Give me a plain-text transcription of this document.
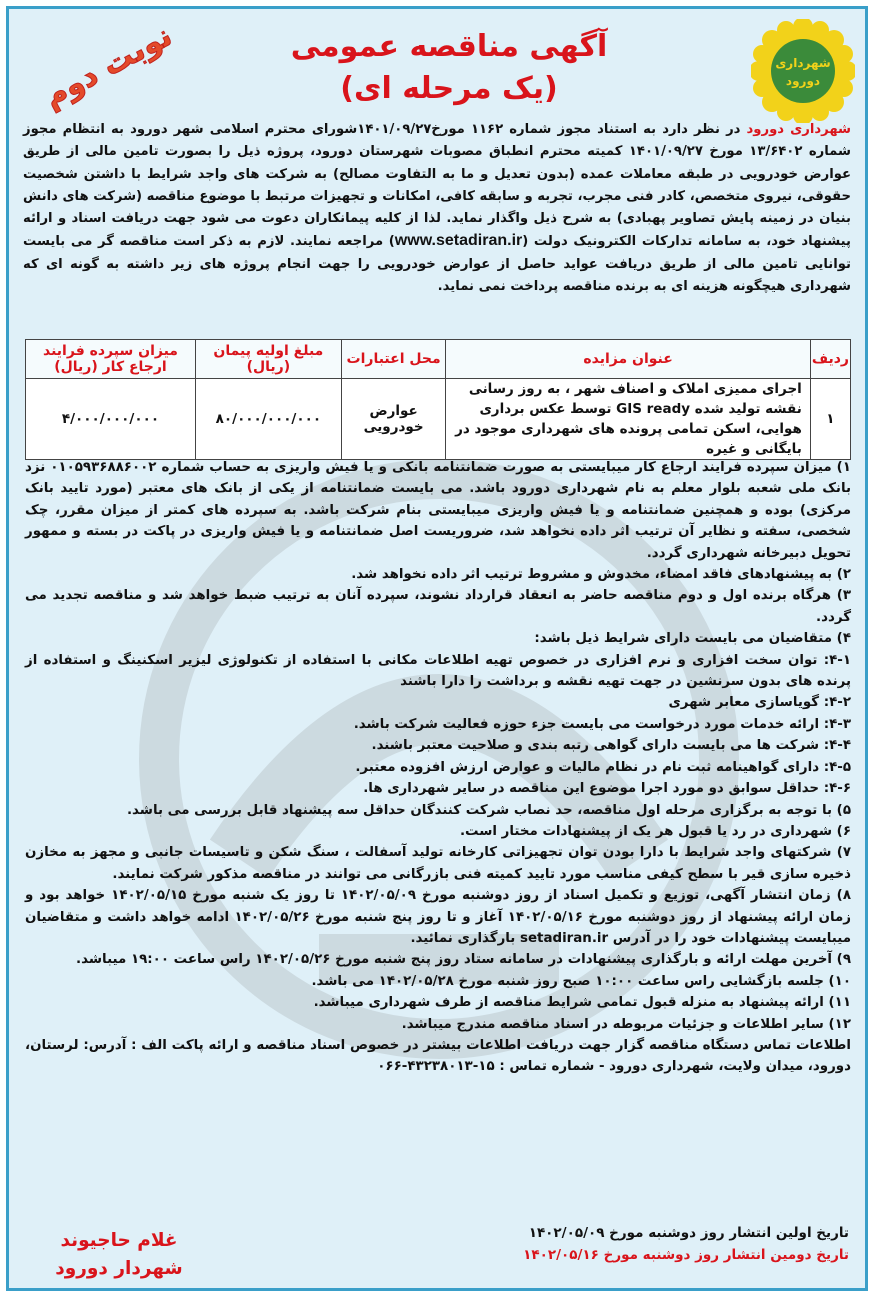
شهرداری
دورود
نوبت دوم	آگهی مناقصه عمومی
(یک مرحله ای)
شهرداری دورود در نظر دارد به استناد مجوز شماره ۱۱۶۲ مورخ۱۴۰۱/۰۹/۲۷شورای محترم اسلامی شهر دورود به انتظام مجوز شماره ۱۳/۶۴۰۲ مورخ ۱۴۰۱/۰۹/۲۷ کمیته محترم انطباق مصوبات شهرستان دورود، پروژه ذیل را بصورت تامین مالی از طریق عوارض خودرویی در طبقه معاملات عمده (بدون تعدیل و ما به التفاوت مصالح) به شرکت های واجد شرایط با داشتن شخصیت حقوقی، نیروی متخصص، کادر فنی مجرب، تجربه و سابقه کافی، امکانات و تجهیزات مرتبط با موضوع مناقصه (شرکت های دانش بنیان در زمینه پایش تصاویر پهبادی) به شرح ذیل واگذار نماید. لذا از کلیه پیمانکاران دعوت می شود جهت دریافت اسناد و ارائه پیشنهاد خود، به سامانه تدارکات الکترونیک دولت (www.setadiran.ir) مراجعه نمایند. لازم به ذکر است مناقصه گر می بایست توانایی تامین مالی از طریق دریافت عواید حاصل از عوارض خودرویی را جهت انجام پروژه های زیر داشته به گونه ای که شهرداری هیچگونه هزینه ای به برنده مناقصه پرداخت نمی نماید.
ردیف	عنوان مزایده	محل اعتبارات	مبلغ اولیه پیمان (ریال)	میزان سپرده فرایند
ارجاع کار (ریال)

۱	اجرای ممیزی املاک و اصناف شهر ، به روز رسانی نقشه تولید شده GIS ready توسط عکس برداری هوایی، اسکن تمامی پرونده های شهرداری موجود در بایگانی و غیره	عوارض خودرویی	۸۰/۰۰۰/۰۰۰/۰۰۰	۴/۰۰۰/۰۰۰/۰۰۰

۱) میزان سپرده فرایند ارجاع کار میبایستی به صورت ضمانتنامه بانکی و یا فیش واریزی به حساب شماره ۰۱۰۵۹۳۶۸۸۶۰۰۲ نزد بانک ملی شعبه بلوار معلم به نام شهرداری دورود باشد. می بایست ضمانتنامه از یکی از بانک های معتبر (مورد تایید بانک مرکزی) بوده و همچنین ضمانتنامه و یا فیش واریزی میبایستی بنام شرکت باشد. به سپرده های کمتر از میزان مقرر، چک شخصی، سفته و نظایر آن ترتیب اثر داده نخواهد شد، ضروریست اصل ضمانتنامه و یا فیش واریزی در پاکت در بسته و ممهور تحویل دبیرخانه شهرداری گردد.

۲) به پیشنهادهای فاقد امضاء، مخدوش و مشروط ترتیب اثر داده نخواهد شد.

۳) هرگاه برنده اول و دوم مناقصه حاضر به انعقاد قرارداد نشوند، سپرده آنان به ترتیب ضبط خواهد شد و مناقصه تجدید می گردد.

۴) متقاضیان می بایست دارای شرایط ذیل باشد:

۴-۱: توان سخت افزاری و نرم افزاری در خصوص تهیه اطلاعات مکانی با استفاده از تکنولوژی لیزیر اسکنینگ و استفاده از پرنده های بدون سرنشین در جهت تهیه نقشه و برداشت را دارا باشند

۴-۲: گویاسازی معابر شهری

۴-۳: ارائه خدمات مورد درخواست می بایست جزء حوزه فعالیت شرکت باشد.

۴-۴: شرکت ها می بایست دارای گواهی رتبه بندی و صلاحیت معتبر باشند.

۴-۵: دارای گواهینامه ثبت نام در نظام مالیات و عوارض ارزش افزوده معتبر.

۴-۶: حداقل سوابق دو مورد اجرا موضوع این مناقصه در سایر شهرداری ها.

۵) با توجه به برگزاری مرحله اول مناقصه، حد نصاب شرکت کنندگان حداقل سه پیشنهاد قابل بررسی می باشد.

۶) شهرداری در رد یا قبول هر یک از پیشنهادات مختار است.

۷) شرکتهای واجد شرایط با دارا بودن توان تجهیزاتی کارخانه تولید آسفالت ، سنگ شکن و تاسیسات جانبی و مجهز به مخازن ذخیره سازی قیر با سطح کیفی مناسب مورد تایید کمیته فنی بازرگانی می توانند در مناقصه مذکور شرکت نمایند.

۸) زمان انتشار آگهی، توزیع و تکمیل اسناد از روز دوشنبه مورخ ۱۴۰۲/۰۵/۰۹ تا روز یک شنبه مورخ ۱۴۰۲/۰۵/۱۵ خواهد بود و زمان ارائه پیشنهاد از روز دوشنبه مورخ ۱۴۰۲/۰۵/۱۶ آغاز و تا روز پنج شنبه مورخ ۱۴۰۲/۰۵/۲۶ ادامه خواهد داشت و متقاضیان میبایست پیشنهادات خود را در آدرس setadiran.ir بارگذاری نمائید.

۹) آخرین مهلت ارائه و بارگذاری پیشنهادات در سامانه ستاد روز پنج شنبه مورخ ۱۴۰۲/۰۵/۲۶ راس ساعت ۱۹:۰۰ میباشد.

۱۰) جلسه بازگشایی راس ساعت ۱۰:۰۰ صبح روز شنبه مورخ ۱۴۰۲/۰۵/۲۸ می باشد.

۱۱) ارائه پیشنهاد به منزله قبول تمامی شرایط مناقصه از طرف شهرداری میباشد.

۱۲) سایر اطلاعات و جزئیات مربوطه در اسناد مناقصه مندرج میباشد.

اطلاعات تماس دستگاه مناقصه گزار جهت دریافت اطلاعات بیشتر در خصوص اسناد مناقصه و ارائه پاکت الف : آدرس: لرستان، دورود، میدان ولایت، شهرداری دورود - شماره تماس : ۱۵-۴۳۲۳۸۰۱۳-۰۶۶

تاریخ اولین انتشار روز دوشنبه مورخ ۱۴۰۲/۰۵/۰۹
تاریخ دومین انتشار روز دوشنبه مورخ ۱۴۰۲/۰۵/۱۶
غلام حاجیوند
شهردار دورود
